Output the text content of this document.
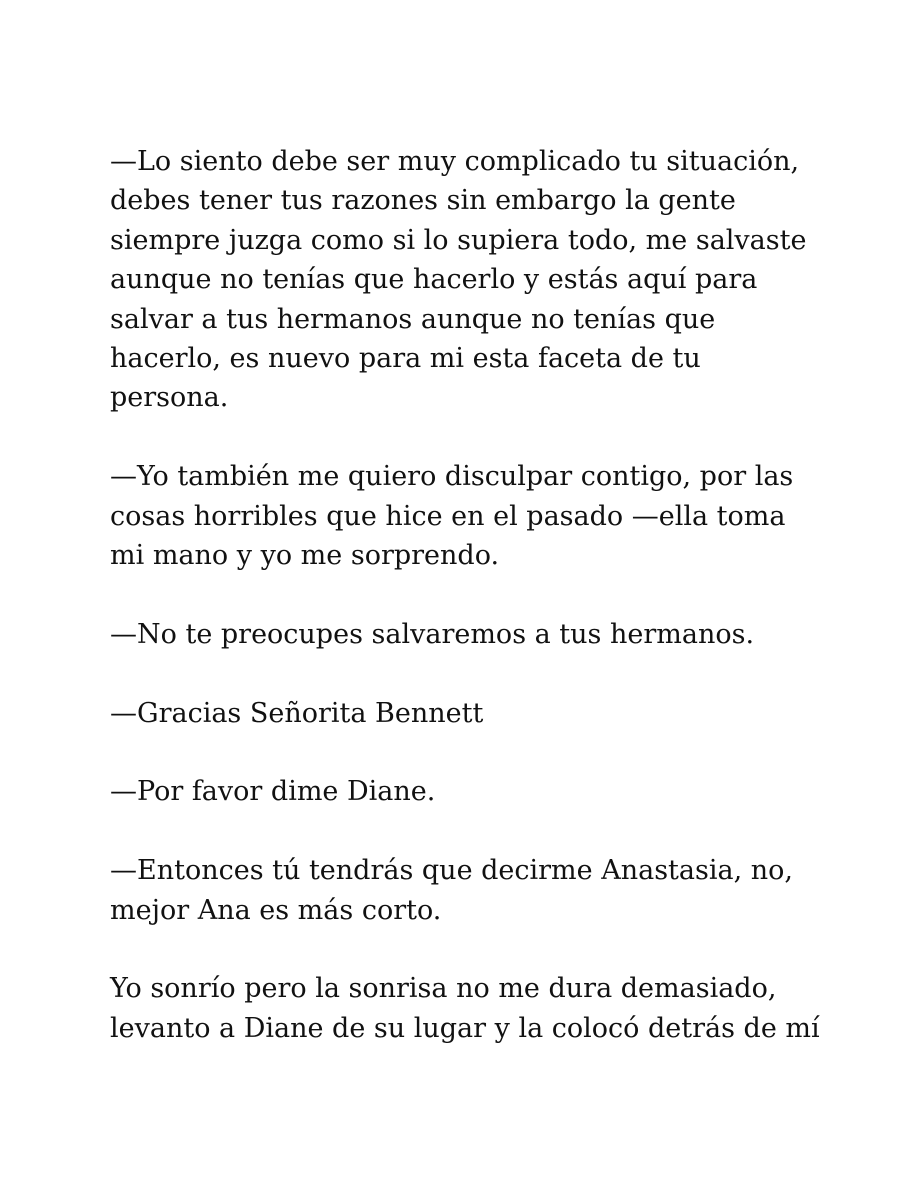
—Lo siento debe ser muy complicado tu situación,
debes tener tus razones sin embargo la gente
siempre juzga como si lo supiera todo, me salvaste
aunque no tenías que hacerlo y estás aquí para
salvar a tus hermanos aunque no tenías que
hacerlo, es nuevo para mi esta faceta de tu
persona.

—Yo también me quiero disculpar contigo, por las
cosas horribles que hice en el pasado —ella toma
mi mano y yo me sorprendo.

—No te preocupes salvaremos a tus hermanos.

—Gracias Señorita Bennett

—Por favor dime Diane.

—Entonces tú tendrás que decirme Anastasia, no,
mejor Ana es más corto.

Yo sonrío pero la sonrisa no me dura demasiado,
levanto a Diane de su lugar y la colocó detrás de mí
